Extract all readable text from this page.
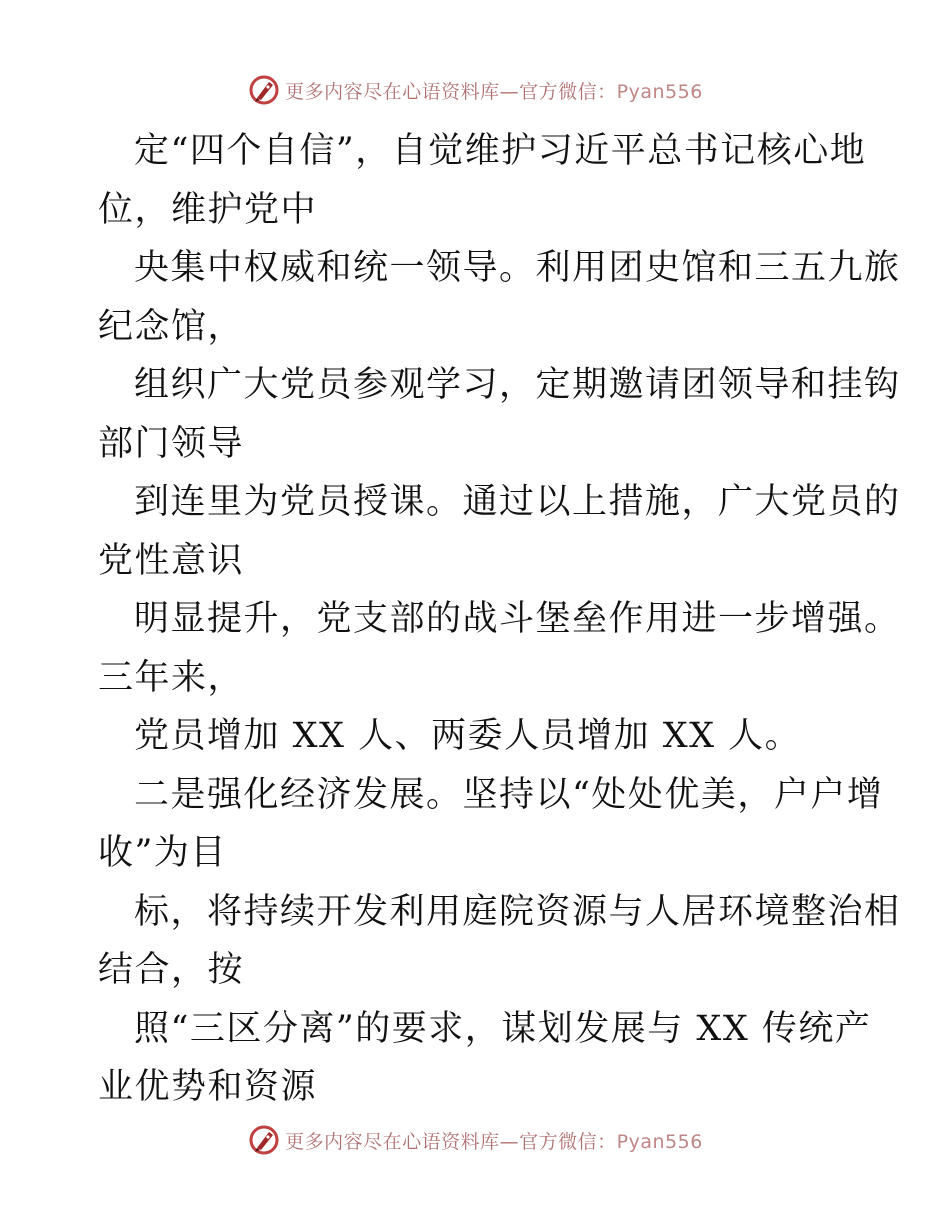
更多内容尽在心语资料库—官方微信：Pyan556
定“四个自信”，自觉维护习近平总书记核心地
位，维护党中
央集中权威和统一领导。利用团史馆和三五九旅
纪念馆，
组织广大党员参观学习，定期邀请团领导和挂钩
部门领导
到连里为党员授课。通过以上措施，广大党员的
党性意识
明显提升，党支部的战斗堡垒作用进一步增强。
三年来，
党员增加 XX 人、两委人员增加 XX 人。
二是强化经济发展。坚持以“处处优美，户户增
收”为目
标，将持续开发利用庭院资源与人居环境整治相
结合，按
照“三区分离”的要求，谋划发展与 XX 传统产
业优势和资源
更多内容尽在心语资料库—官方微信：Pyan556
